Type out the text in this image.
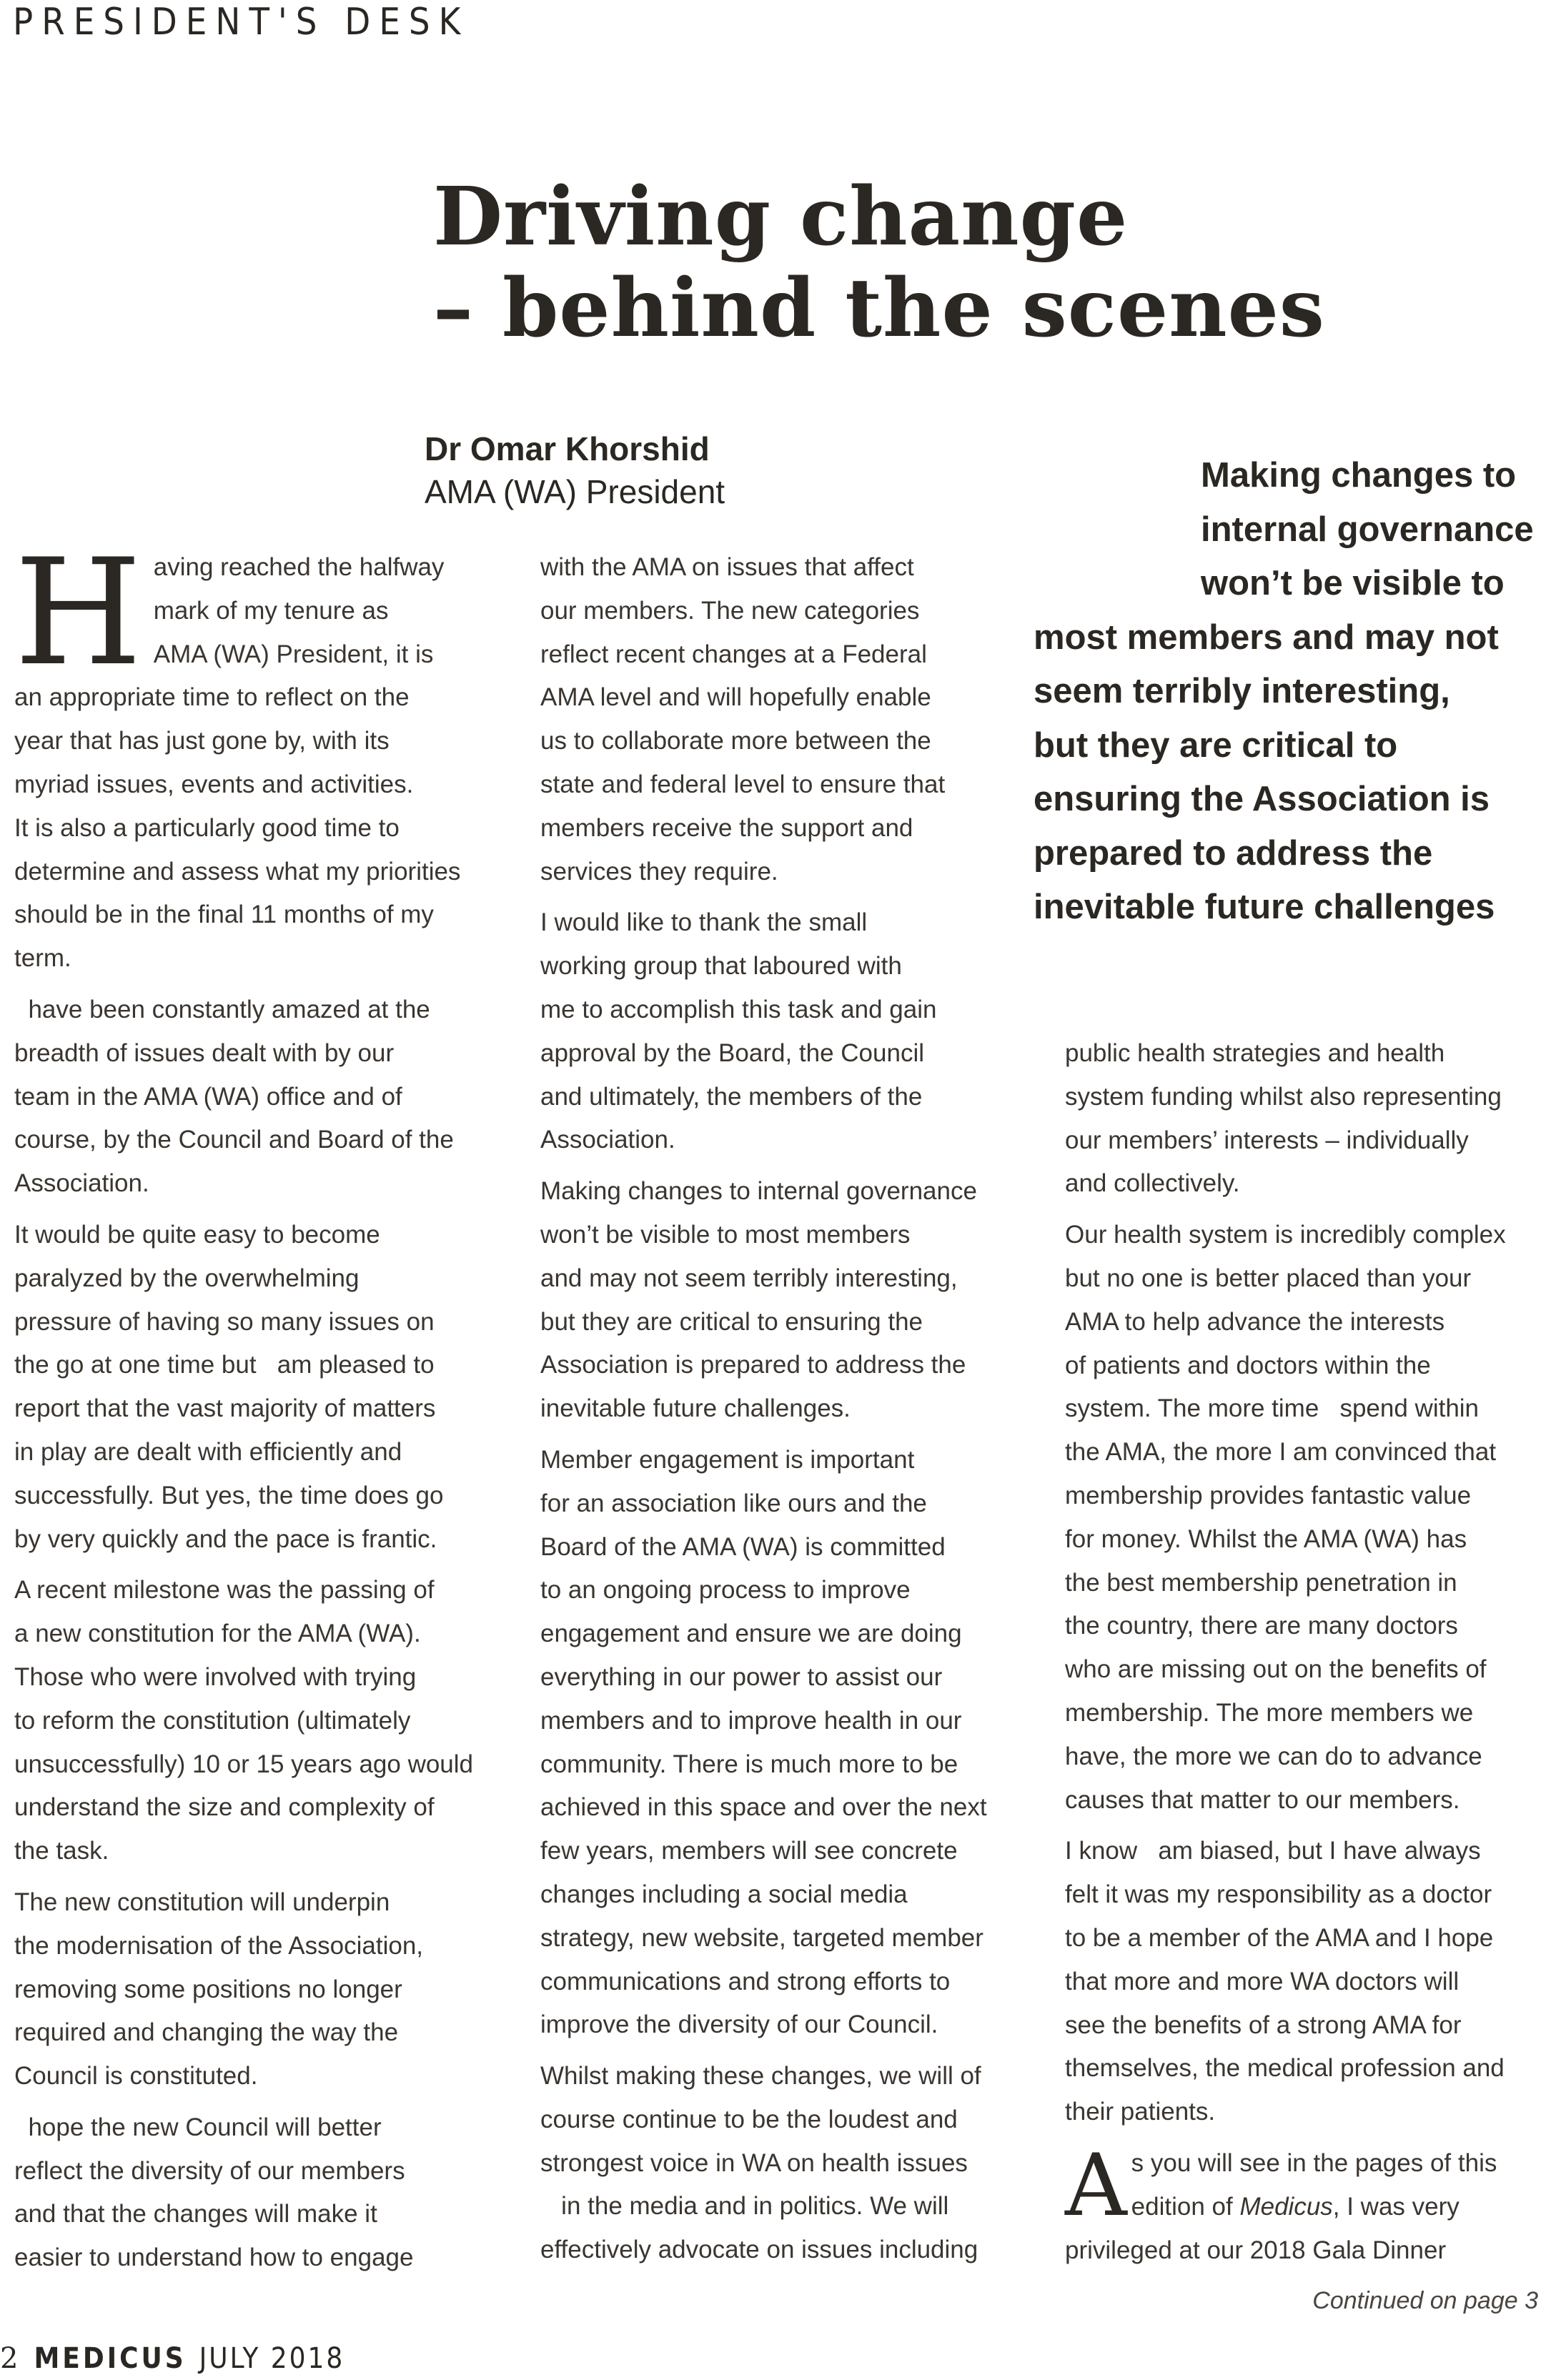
PRESIDENT'S DESK
Driving change
– behind the scenes
Dr Omar Khorshid
AMA (WA) President	Making changes to
internal governance
won’t be visible to
most members and may not
seem terribly interesting,
but they are critical to
ensuring the Association is
prepared to address the
inevitable future challenges

H aving reached the halfway
mark of my tenure as
AMA (WA) President, it is
an appropriate time to reflect on the
year that has just gone by, with its
myriad issues, events and activities.
It is also a particularly good time to
determine and assess what my priorities
should be in the final 11 months of my
term.

have been constantly amazed at the
breadth of issues dealt with by our
team in the AMA (WA) office and of
course, by the Council and Board of the
Association.

It would be quite easy to become
paralyzed by the overwhelming
pressure of having so many issues on
the go at one time but   am pleased to
report that the vast majority of matters
in play are dealt with efficiently and
successfully. But yes, the time does go
by very quickly and the pace is frantic.

A recent milestone was the passing of
a new constitution for the AMA (WA).
Those who were involved with trying
to reform the constitution (ultimately
unsuccessfully) 10 or 15 years ago would
understand the size and complexity of
the task.

The new constitution will underpin
the modernisation of the Association,
removing some positions no longer
required and changing the way the
Council is constituted.

hope the new Council will better
reflect the diversity of our members
and that the changes will make it
easier to understand how to engage

with the AMA on issues that affect
our members. The new categories
reflect recent changes at a Federal
AMA level and will hopefully enable
us to collaborate more between the
state and federal level to ensure that
members receive the support and
services they require.

I would like to thank the small
working group that laboured with
me to accomplish this task and gain
approval by the Board, the Council
and ultimately, the members of the
Association.

Making changes to internal governance
won’t be visible to most members
and may not seem terribly interesting,
but they are critical to ensuring the
Association is prepared to address the
inevitable future challenges.

Member engagement is important
for an association like ours and the
Board of the AMA (WA) is committed
to an ongoing process to improve
engagement and ensure we are doing
everything in our power to assist our
members and to improve health in our
community. There is much more to be
achieved in this space and over the next
few years, members will see concrete
changes including a social media
strategy, new website, targeted member
communications and strong efforts to
improve the diversity of our Council.

Whilst making these changes, we will of
course continue to be the loudest and
strongest voice in WA on health issues
in the media and in politics. We will
effectively advocate on issues including

public health strategies and health
system funding whilst also representing
our members’ interests – individually
and collectively.

Our health system is incredibly complex
but no one is better placed than your
AMA to help advance the interests
of patients and doctors within the
system. The more time   spend within
the AMA, the more I am convinced that
membership provides fantastic value
for money. Whilst the AMA (WA) has
the best membership penetration in
the country, there are many doctors
who are missing out on the benefits of
membership. The more members we
have, the more we can do to advance
causes that matter to our members.

I know   am biased, but I have always
felt it was my responsibility as a doctor
to be a member of the AMA and I hope
that more and more WA doctors will
see the benefits of a strong AMA for
themselves, the medical profession and
their patients.

A s you will see in the pages of this
edition of Medicus, I was very
privileged at our 2018 Gala Dinner

Continued on page 3
2 MEDICUS JULY 2018
